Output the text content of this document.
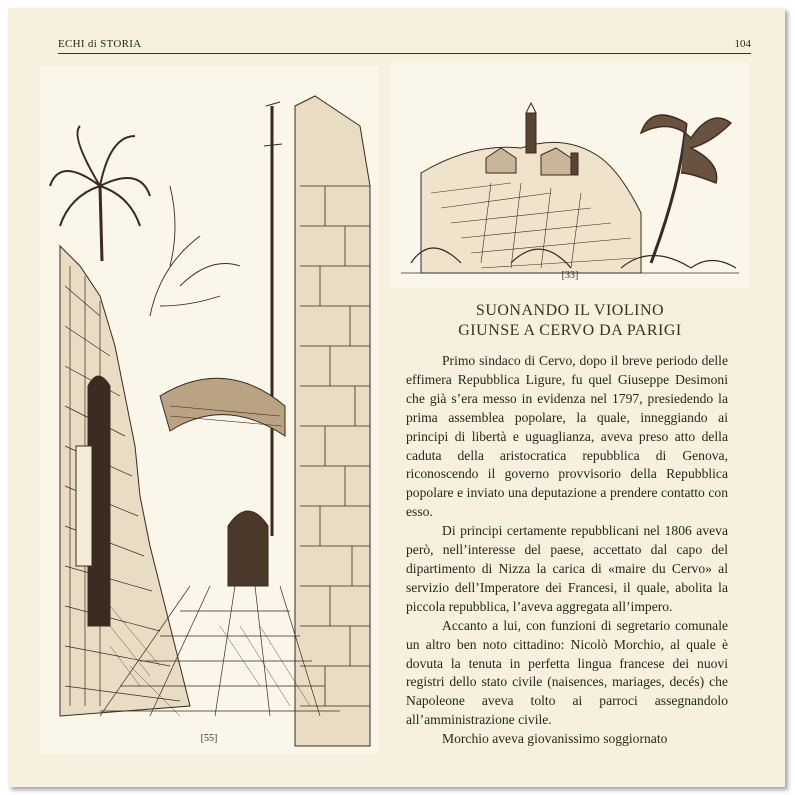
ECHI di STORIA	104
[55]
[33]
SUONANDO IL VIOLINO
GIUNSE A CERVO DA PARIGI

Primo sindaco di Cervo, dopo il breve periodo delle effimera Repubblica Ligure, fu quel Giuseppe Desimoni che già s’era messo in evidenza nel 1797, presiedendo la prima assemblea popolare, la quale, inneggiando ai principi di libertà e uguaglianza, aveva preso atto della caduta della aristocratica repubblica di Genova, riconoscendo il governo provvisorio della Repubblica popolare e inviato una deputazione a prendere contatto con esso.

Di principi certamente repubblicani nel 1806 aveva però, nell’interesse del paese, accettato dal capo del dipartimento di Nizza la carica di «maire du Cervo» al servizio dell’Imperatore dei Francesi, il quale, abolita la piccola repubblica, l’aveva aggregata all’impero.

Accanto a lui, con funzioni di segretario comunale un altro ben noto cittadino: Nicolò Morchio, al quale è dovuta la tenuta in perfetta lingua francese dei nuovi registri dello stato civile (naisences, mariages, decés) che Napoleone aveva tolto ai parroci assegnandolo all’amministrazione civile.

Morchio aveva giovanissimo soggiornato
